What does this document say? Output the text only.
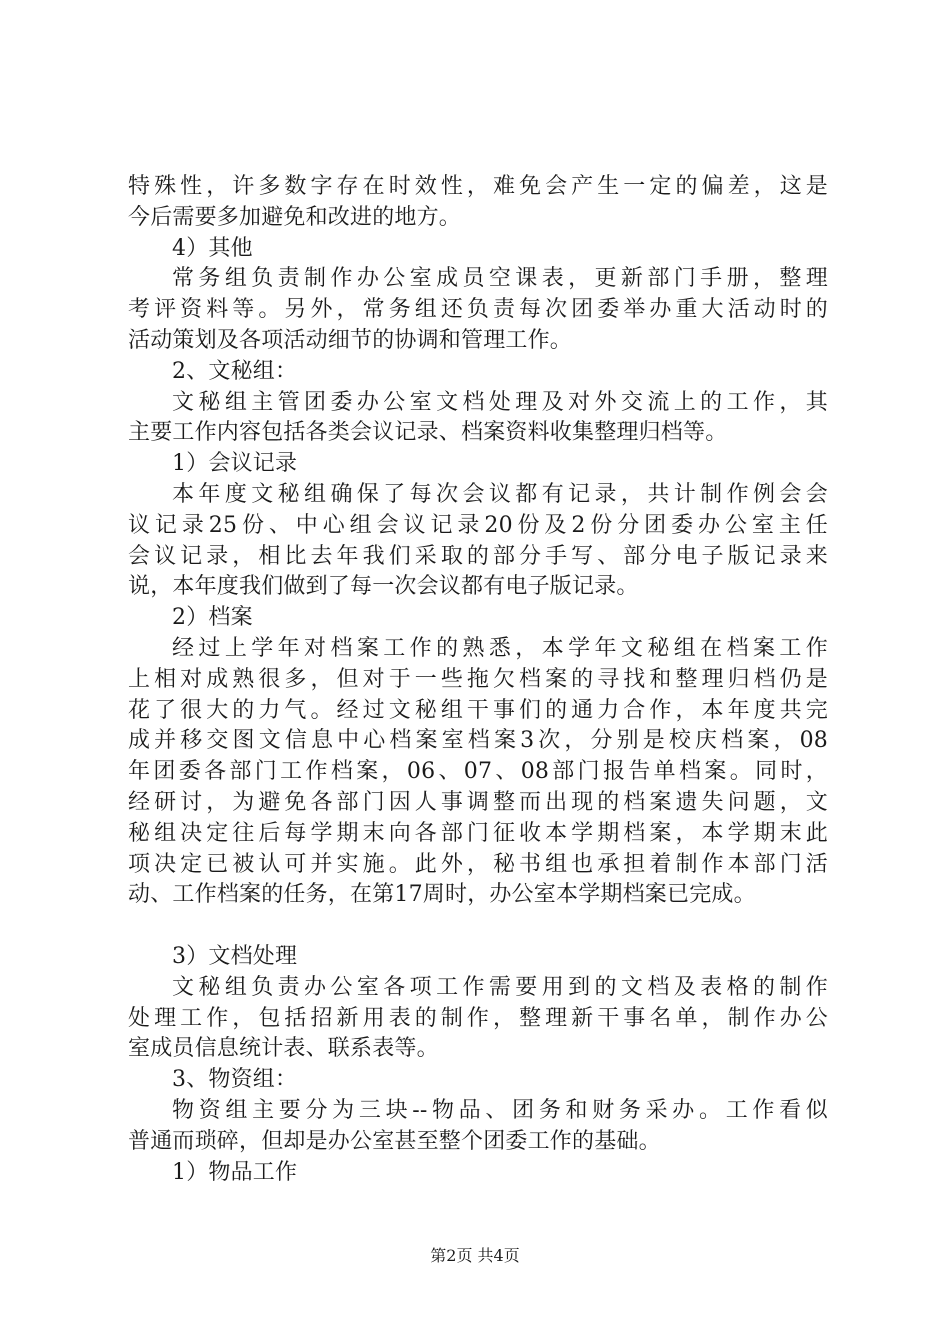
特殊性，许多数字存在时效性，难免会产生一定的偏差，这是
今后需要多加避免和改进的地方。
4）其他
常务组负责制作办公室成员空课表，更新部门手册，整理
考评资料等。另外，常务组还负责每次团委举办重大活动时的
活动策划及各项活动细节的协调和管理工作。
2、文秘组：
文秘组主管团委办公室文档处理及对外交流上的工作，其
主要工作内容包括各类会议记录、档案资料收集整理归档等。
1）会议记录
本年度文秘组确保了每次会议都有记录，共计制作例会会
议记录25份、中心组会议记录20份及2份分团委办公室主任
会议记录，相比去年我们采取的部分手写、部分电子版记录来
说，本年度我们做到了每一次会议都有电子版记录。
2）档案
经过上学年对档案工作的熟悉，本学年文秘组在档案工作
上相对成熟很多，但对于一些拖欠档案的寻找和整理归档仍是
花了很大的力气。经过文秘组干事们的通力合作，本年度共完
成并移交图文信息中心档案室档案3次，分别是校庆档案，08
年团委各部门工作档案，06、07、08部门报告单档案。同时，
经研讨，为避免各部门因人事调整而出现的档案遗失问题，文
秘组决定往后每学期末向各部门征收本学期档案，本学期末此
项决定已被认可并实施。此外，秘书组也承担着制作本部门活
动、工作档案的任务，在第17周时，办公室本学期档案已完成。
3）文档处理
文秘组负责办公室各项工作需要用到的文档及表格的制作
处理工作，包括招新用表的制作，整理新干事名单，制作办公
室成员信息统计表、联系表等。
3、物资组：
物资组主要分为三块--物品、团务和财务采办。工作看似
普通而琐碎，但却是办公室甚至整个团委工作的基础。
1）物品工作
第2页 共4页
